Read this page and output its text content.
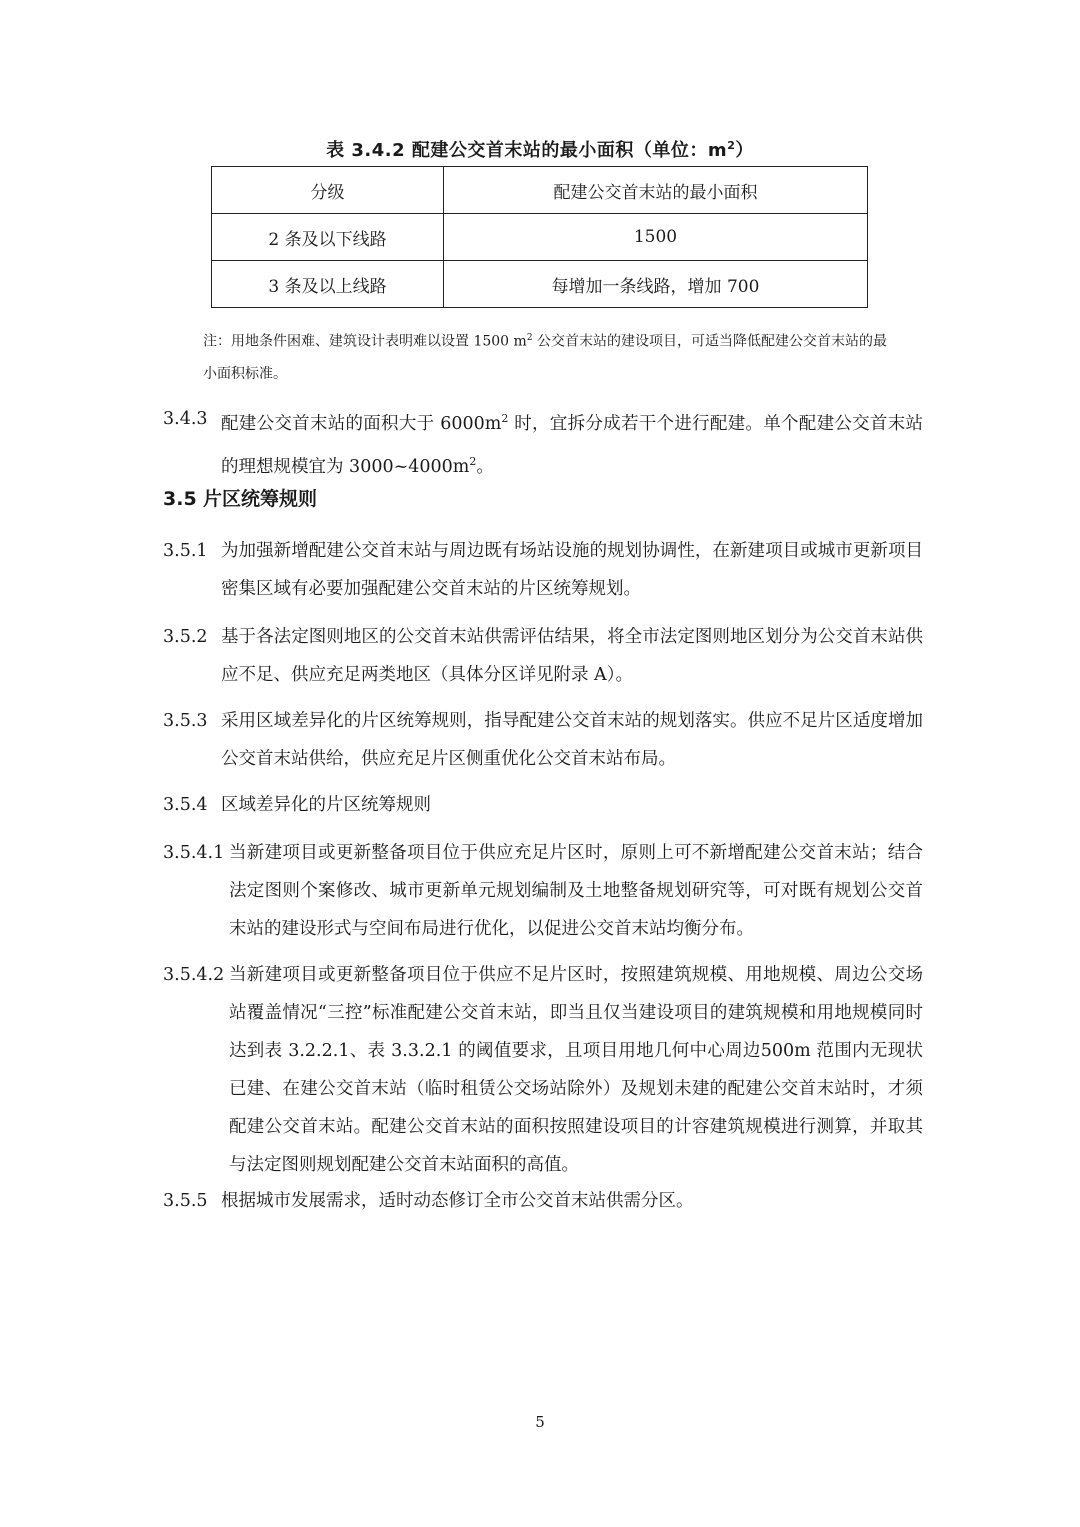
表 3.4.2 配建公交首末站的最小面积（单位：$m^2$）
分级	配建公交首末站的最小面积
2 条及以下线路	1500
3 条及以上线路	每增加一条线路，增加 700
注：用地条件困难、建筑设计表明难以设置 1500 $m^2$ 公交首末站的建设项目，可适当降低配建公交首末站的最小面积标准。
3.4.3 配建公交首末站的面积大于 $6000m^2$ 时，宜拆分成若干个进行配建。单个配建公交首末站的理想规模宜为 $3000\sim 4000m^2$。
3.5 片区统筹规则
3.5.1 为加强新增配建公交首末站与周边既有场站设施的规划协调性，在新建项目或城市更新项目密集区域有必要加强配建公交首末站的片区统筹规划。
3.5.2 基于各法定图则地区的公交首末站供需评估结果，将全市法定图则地区划分为公交首末站供应不足、供应充足两类地区（具体分区详见附录 A）。
3.5.3 采用区域差异化的片区统筹规则，指导配建公交首末站的规划落实。供应不足片区适度增加公交首末站供给，供应充足片区侧重优化公交首末站布局。
3.5.4 区域差异化的片区统筹规则
3.5.4.1 当新建项目或更新整备项目位于供应充足片区时，原则上可不新增配建公交首末站；结合法定图则个案修改、城市更新单元规划编制及土地整备规划研究等，可对既有规划公交首末站的建设形式与空间布局进行优化，以促进公交首末站均衡分布。
3.5.4.2 当新建项目或更新整备项目位于供应不足片区时，按照建筑规模、用地规模、周边公交场站覆盖情况“三控”标准配建公交首末站，即当且仅当建设项目的建筑规模和用地规模同时达到表 3.2.2.1、表 3.3.2.1 的阈值要求，且项目用地几何中心周边500m 范围内无现状已建、在建公交首末站（临时租赁公交场站除外）及规划未建的配建公交首末站时，才须配建公交首末站。配建公交首末站的面积按照建设项目的计容建筑规模进行测算，并取其与法定图则规划配建公交首末站面积的高值。
3.5.5 根据城市发展需求，适时动态修订全市公交首末站供需分区。
5
